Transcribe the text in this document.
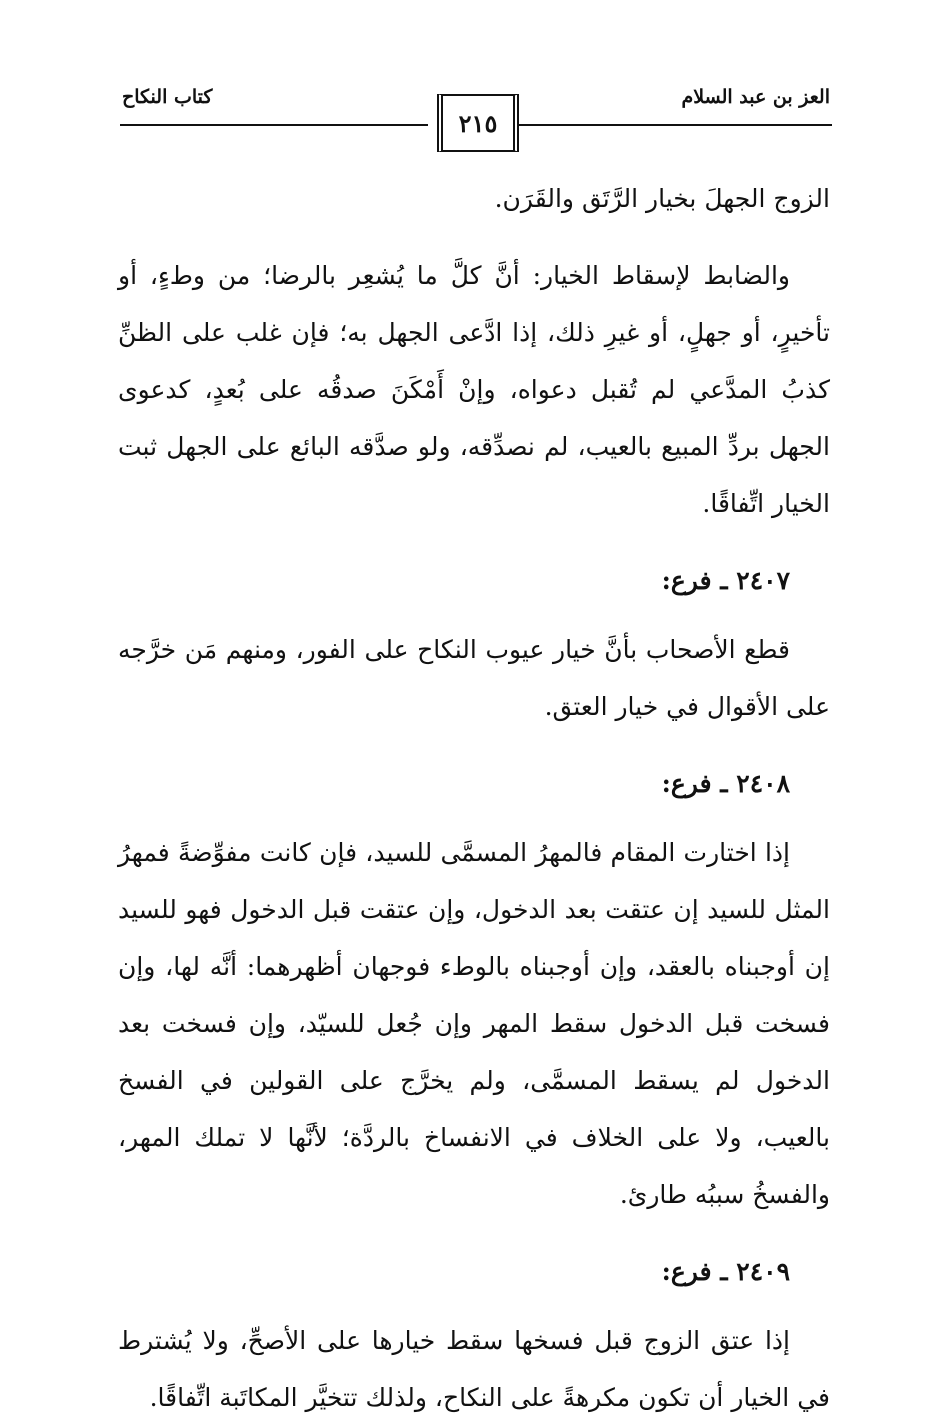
العز بن عبد السلام
كتاب النكاح
٢١٥

الزوج الجهلَ بخيار الرَّتَق والقَرَن.

والضابط لإسقاط الخيار: أنَّ كلَّ ما يُشعِر بالرضا؛ من وطءٍ، أو تأخيرٍ، أو جهلٍ، أو غيرِ ذلك، إذا ادَّعى الجهل به؛ فإن غلب على الظنِّ كذبُ المدَّعي لم تُقبل دعواه، وإنْ أَمْكَنَ صدقُه على بُعدٍ، كدعوى الجهل بردِّ المبيع بالعيب، لم نصدِّقه، ولو صدَّقه البائع على الجهل ثبت الخيار اتِّفاقًا.

٢٤٠٧ ـ فرع:

قطع الأصحاب بأنَّ خيار عيوب النكاح على الفور، ومنهم مَن خرَّجه على الأقوال في خيار العتق.

٢٤٠٨ ـ فرع:

إذا اختارت المقام فالمهرُ المسمَّى للسيد، فإن كانت مفوِّضةً فمهرُ المثل للسيد إن عتقت بعد الدخول، وإن عتقت قبل الدخول فهو للسيد إن أوجبناه بالعقد، وإن أوجبناه بالوطء فوجهان أظهرهما: أنَّه لها، وإن فسخت قبل الدخول سقط المهر وإن جُعل للسيّد، وإن فسخت بعد الدخول لم يسقط المسمَّى، ولم يخرَّج على القولين في الفسخ بالعيب، ولا على الخلاف في الانفساخ بالردَّة؛ لأنَّها لا تملك المهر، والفسخُ سببُه طارئ.

٢٤٠٩ ـ فرع:

إذا عتق الزوج قبل فسخها سقط خيارها على الأصحِّ، ولا يُشترط في الخيار أن تكون مكرهةً على النكاح، ولذلك تتخيَّر المكاتَبة اتِّفاقًا.
